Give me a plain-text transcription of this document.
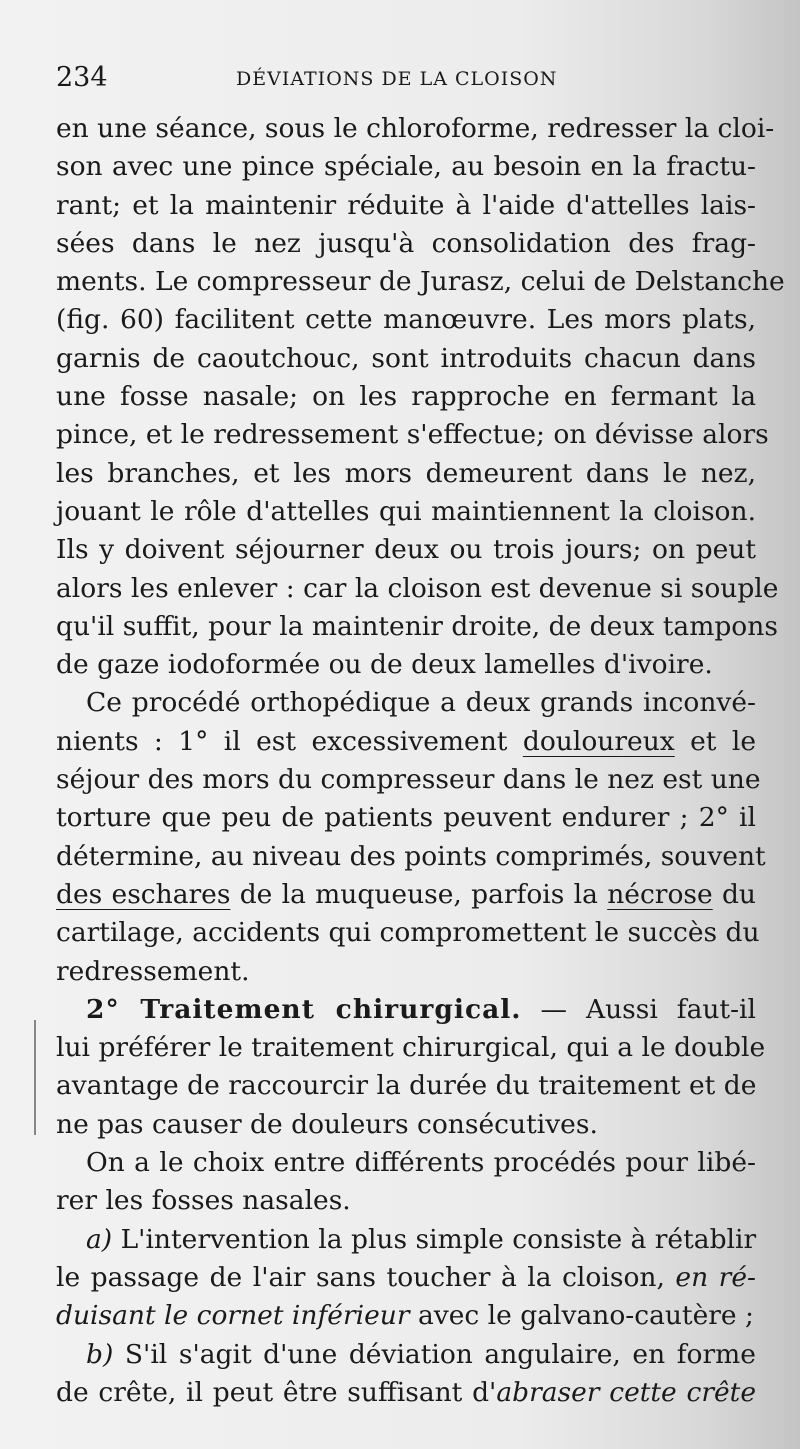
234	DÉVIATIONS DE LA CLOISON
en une séance, sous le chloroforme, redresser la cloi-
son avec une pince spéciale, au besoin en la fractu-
rant; et la maintenir réduite à l'aide d'attelles lais-
sées dans le nez jusqu'à consolidation des frag-
ments. Le compresseur de Jurasz, celui de Delstanche
(fig. 60) facilitent cette manœuvre. Les mors plats,
garnis de caoutchouc, sont introduits chacun dans
une fosse nasale; on les rapproche en fermant la
pince, et le redressement s'effectue; on dévisse alors
les branches, et les mors demeurent dans le nez,
jouant le rôle d'attelles qui maintiennent la cloison.
Ils y doivent séjourner deux ou trois jours; on peut
alors les enlever : car la cloison est devenue si souple
qu'il suffit, pour la maintenir droite, de deux tampons
de gaze iodoformée ou de deux lamelles d'ivoire.
Ce procédé orthopédique a deux grands inconvé-
nients : 1° il est excessivement douloureux et le
séjour des mors du compresseur dans le nez est une
torture que peu de patients peuvent endurer ; 2° il
détermine, au niveau des points comprimés, souvent
des eschares de la muqueuse, parfois la nécrose du
cartilage, accidents qui compromettent le succès du
redressement.
2° Traitement chirurgical. — Aussi faut-il
lui préférer le traitement chirurgical, qui a le double
avantage de raccourcir la durée du traitement et de
ne pas causer de douleurs consécutives.
On a le choix entre différents procédés pour libé-
rer les fosses nasales.
a) L'intervention la plus simple consiste à rétablir
le passage de l'air sans toucher à la cloison, en ré-
duisant le cornet inférieur avec le galvano-cautère ;
b) S'il s'agit d'une déviation angulaire, en forme
de crête, il peut être suffisant d'abraser cette crête
